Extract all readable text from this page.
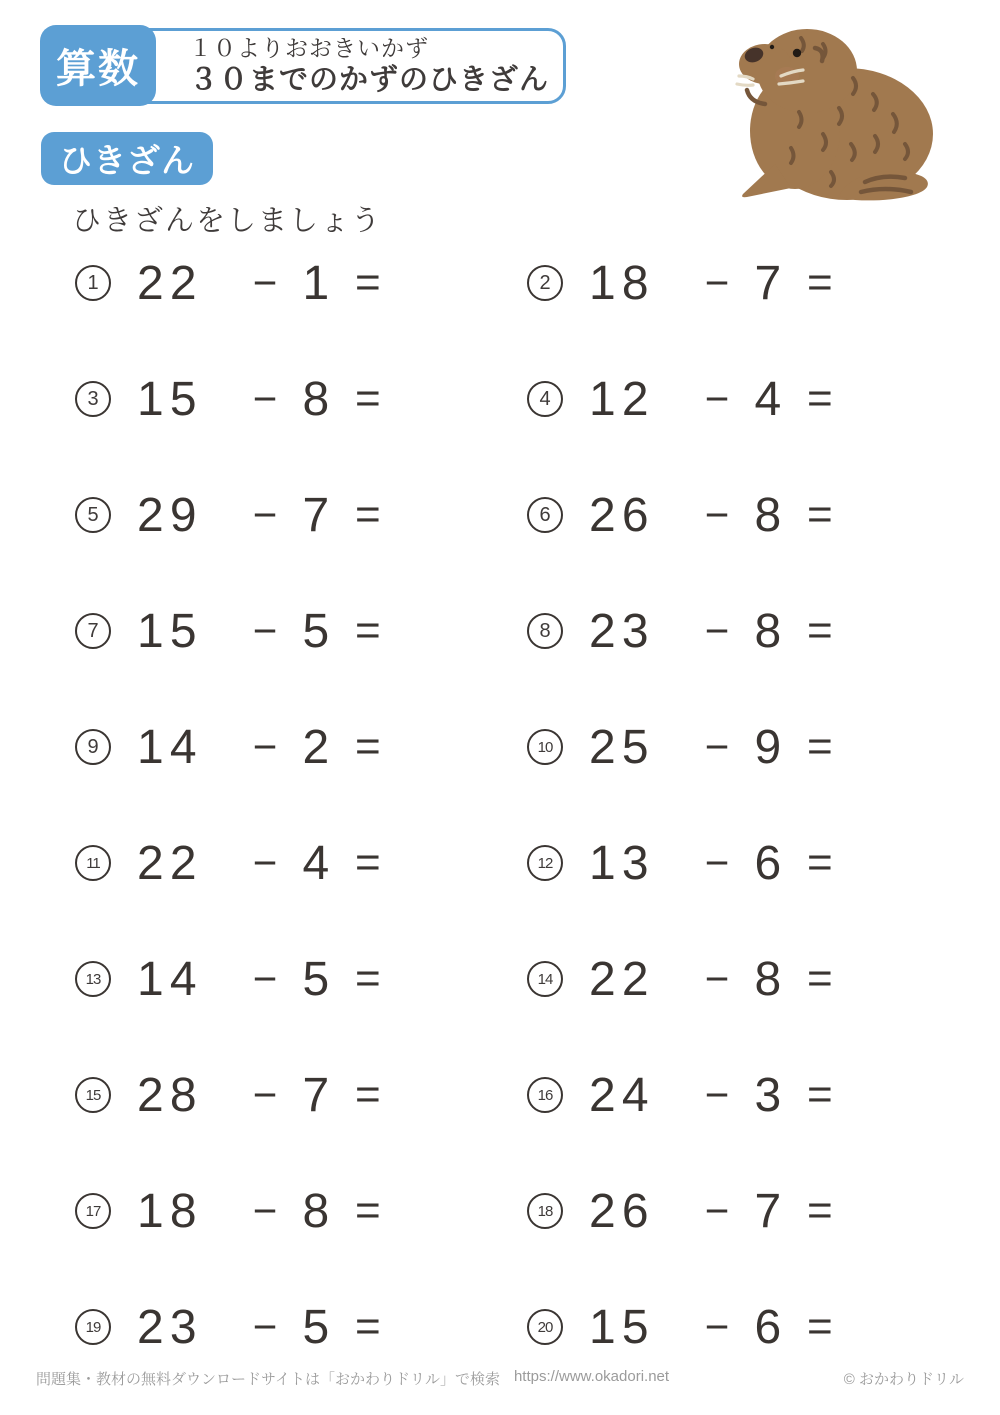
１０よりおおきいかず
３０までのかずのひきざん
算数
ひきざん
ひきざんをしましょう
1 22	− 1 =	2 18	− 7 =
3 15	− 8 =	4 12	− 4 =
5 29	− 7 =	6 26	− 8 =
7 15	− 5 =	8 23	− 8 =
9 14	− 2 =	10 25	− 9 =
11 22	− 4 =	12 13	− 6 =
13 14	− 5 =	14 22	− 8 =
15 28	− 7 =	16 24	− 3 =
17 18	− 8 =	18 26	− 7 =
19 23	− 5 =	20 15	− 6 =
問題集・教材の無料ダウンロードサイトは「おかわりドリル」で検索 https://www.okadori.net	© おかわりドリル
